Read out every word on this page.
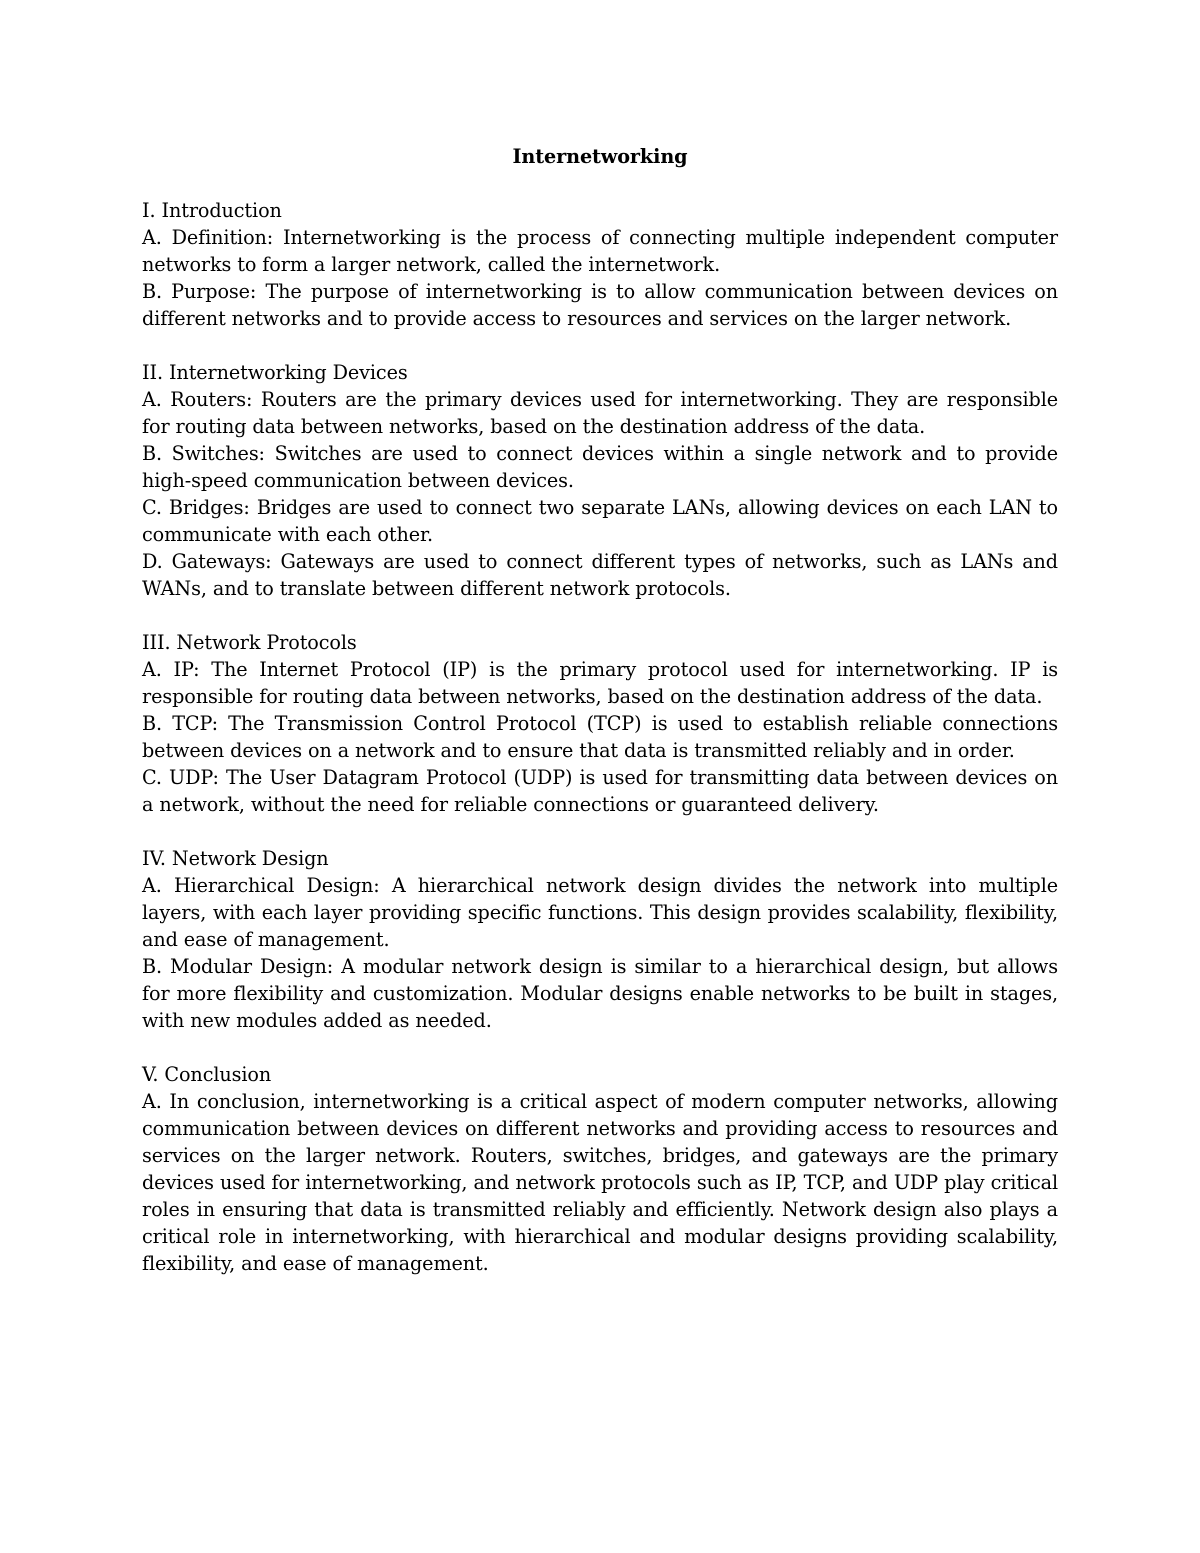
Internetworking

I. Introduction

A. Definition: Internetworking is the process of connecting multiple independent computer networks to form a larger network, called the internetwork.

B. Purpose: The purpose of internetworking is to allow communication between devices on different networks and to provide access to resources and services on the larger network.

II. Internetworking Devices

A. Routers: Routers are the primary devices used for internetworking. They are responsible for routing data between networks, based on the destination address of the data.

B. Switches: Switches are used to connect devices within a single network and to provide high-speed communication between devices.

C. Bridges: Bridges are used to connect two separate LANs, allowing devices on each LAN to communicate with each other.

D. Gateways: Gateways are used to connect different types of networks, such as LANs and WANs, and to translate between different network protocols.

III. Network Protocols

A. IP: The Internet Protocol (IP) is the primary protocol used for internetworking. IP is responsible for routing data between networks, based on the destination address of the data.

B. TCP: The Transmission Control Protocol (TCP) is used to establish reliable connections between devices on a network and to ensure that data is transmitted reliably and in order.

C. UDP: The User Datagram Protocol (UDP) is used for transmitting data between devices on a network, without the need for reliable connections or guaranteed delivery.

IV. Network Design

A. Hierarchical Design: A hierarchical network design divides the network into multiple layers, with each layer providing specific functions. This design provides scalability, flexibility, and ease of management.

B. Modular Design: A modular network design is similar to a hierarchical design, but allows for more flexibility and customization. Modular designs enable networks to be built in stages, with new modules added as needed.

V. Conclusion

A. In conclusion, internetworking is a critical aspect of modern computer networks, allowing communication between devices on different networks and providing access to resources and services on the larger network. Routers, switches, bridges, and gateways are the primary devices used for internetworking, and network protocols such as IP, TCP, and UDP play critical roles in ensuring that data is transmitted reliably and efficiently. Network design also plays a critical role in internetworking, with hierarchical and modular designs providing scalability, flexibility, and ease of management.
